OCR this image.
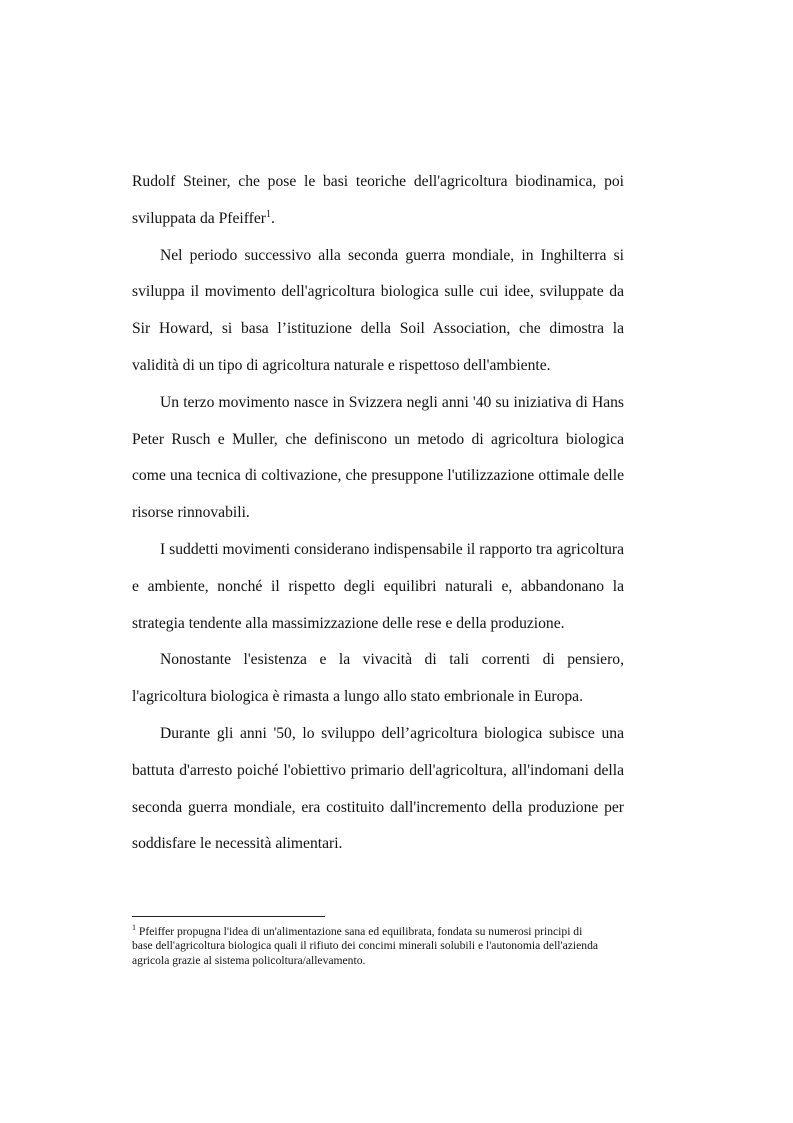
Rudolf Steiner, che pose le basi teoriche dell'agricoltura biodinamica, poi sviluppata da Pfeiffer$^1$.

Nel periodo successivo alla seconda guerra mondiale, in Inghilterra si sviluppa il movimento dell'agricoltura biologica sulle cui idee, sviluppate da Sir Howard, si basa l’istituzione della Soil Association, che dimostra la validità di un tipo di agricoltura naturale e rispettoso dell'ambiente.

Un terzo movimento nasce in Svizzera negli anni '40 su iniziativa di Hans Peter Rusch e Muller, che definiscono un metodo di agricoltura biologica come una tecnica di coltivazione, che presuppone l'utilizzazione ottimale delle risorse rinnovabili.

I suddetti movimenti considerano indispensabile il rapporto tra agricoltura e ambiente, nonché il rispetto degli equilibri naturali e, abbandonano la strategia tendente alla massimizzazione delle rese e della produzione.

Nonostante l'esistenza e la vivacità di tali correnti di pensiero, l'agricoltura biologica è rimasta a lungo allo stato embrionale in Europa.

Durante gli anni '50, lo sviluppo dell’agricoltura biologica subisce una battuta d'arresto poiché l'obiettivo primario dell'agricoltura, all'indomani della seconda guerra mondiale, era costituito dall'incremento della produzione per soddisfare le necessità alimentari.

$^1$ Pfeiffer propugna l'idea di un'alimentazione sana ed equilibrata, fondata su numerosi principi di base dell'agricoltura biologica quali il rifiuto dei concimi minerali solubili e l'autonomia dell'azienda agricola grazie al sistema policoltura/allevamento.
